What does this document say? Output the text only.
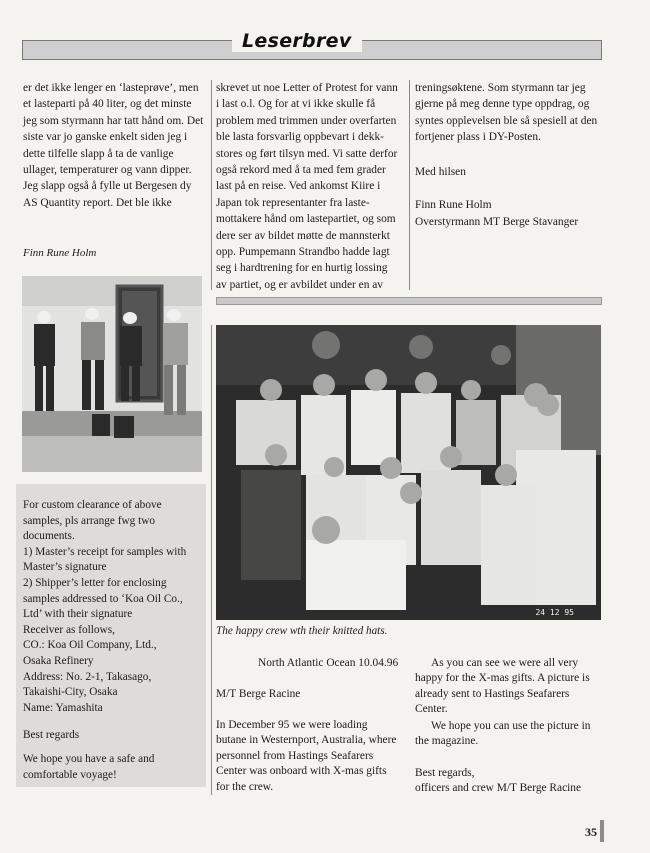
Leserbrev

er det ikke lenger en ‘lasteprøve’, men

et lasteparti på 40 liter, og det minste

jeg som styrmann har tatt hånd om. Det

siste var jo ganske enkelt siden jeg i

dette tilfelle slapp å ta de vanlige

ullager, temperaturer og vann dipper.

Jeg slapp også å fylle ut Bergesen dy

AS Quantity report. Det ble ikke

Finn Rune Holm

skrevet ut noe Letter of Protest for vann

i last o.l. Og for at vi ikke skulle få

problem med trimmen under overfarten

ble lasta forsvarlig oppbevart i dekk-

stores og ført tilsyn med. Vi satte derfor

også rekord med å ta med fem grader

last på en reise. Ved ankomst Kiire i

Japan tok representanter fra laste-

mottakere hånd om lastepartiet, og som

dere ser av bildet møtte de mannsterkt

opp. Pumpemann Strandbo hadde lagt

seg i hardtrening for en hurtig lossing

av partiet, og er avbildet under en av

treningsøktene. Som styrmann tar jeg

gjerne på meg denne type oppdrag, og

syntes opplevelsen ble så spesiell at den

fortjener plass i DY-Posten.

Med hilsen
Finn Rune Holm
Overstyrmann MT Berge Stavanger
For custom clearance of above
samples, pls arrange fwg two
documents.
1) Master’s receipt for samples with
Master’s signature
2) Shipper’s letter for enclosing
samples addressed to ‘Koa Oil Co.,
Ltd’ with their signature
Receiver as follows,
CO.: Koa Oil Company, Ltd.,
Osaka Refinery
Address: No. 2-1, Takasago,
Takaishi-City, Osaka
Name: Yamashita
Best regards
We hope you have a safe and
comfortable voyage!
24 12 95
The happy crew wth their knitted hats.
North Atlantic Ocean 10.04.96
M/T Berge Racine

In December 95 we were loading

butane in Westernport, Australia, where

personnel from Hastings Seafarers

Center was onboard with X-mas gifts

for the crew.

As you can see we were all very

happy for the X-mas gifts. A picture is

already sent to Hastings Seafarers

Center.

We hope you can use the picture in

the magazine.

Best regards,
officers and crew M/T Berge Racine
35
